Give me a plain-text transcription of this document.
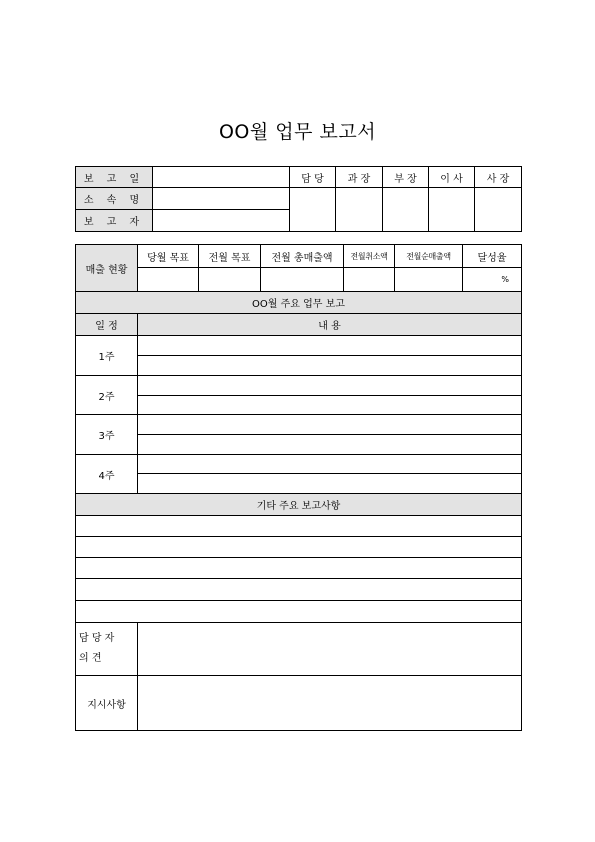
OO월 업무 보고서
보 고 일		담 당	과 장	부 장	이 사	사 장
소 속 명						
보 고 자						
매출 현황	당월 목표	전월 목표	전월 총매출액	전월취소액	전월순매출액	달성율
						%
OO월 주요 업무 보고						
일 정	내 용					
1주						

2주						

3주						

4주						

기타 주요 보고사항						

담 당 자
의 견						

지시사항						
